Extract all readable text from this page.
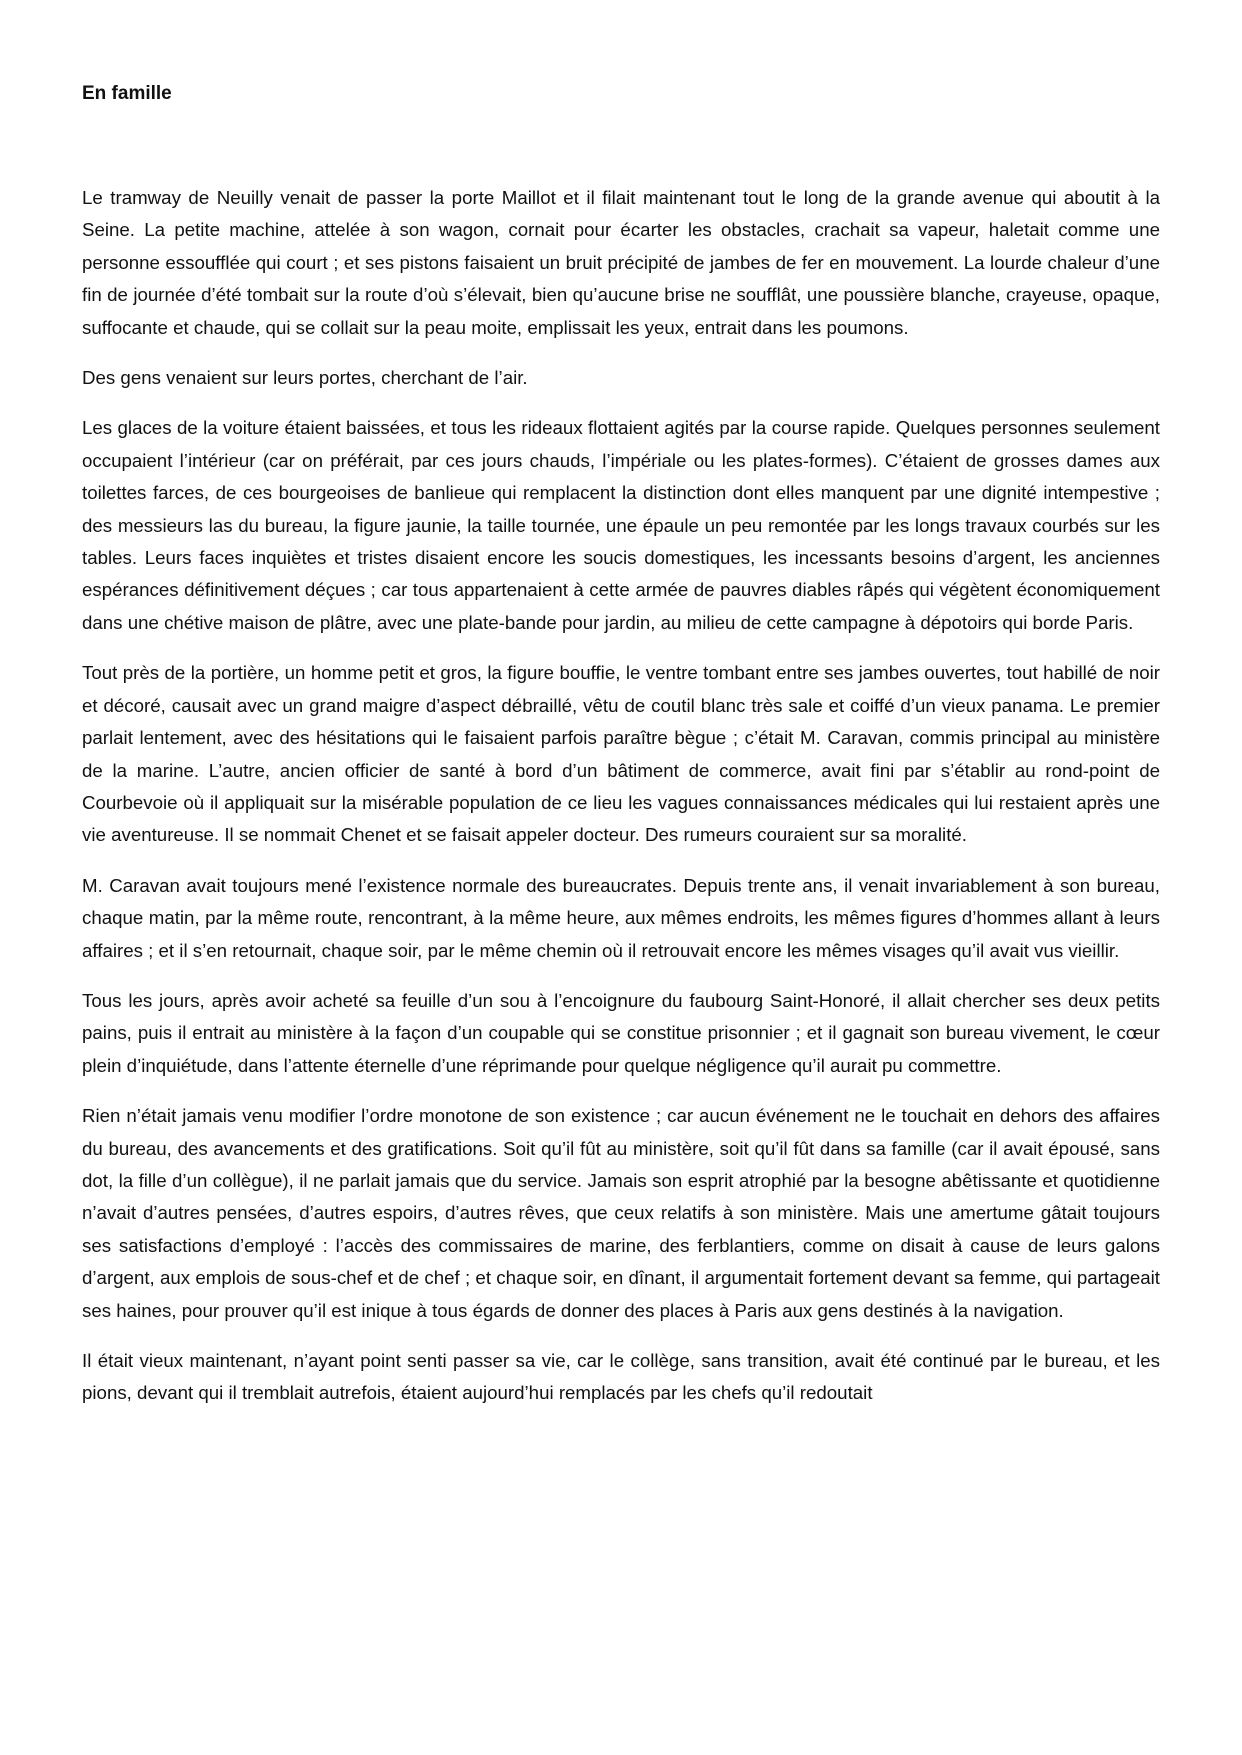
En famille

Le tramway de Neuilly venait de passer la porte Maillot et il filait maintenant tout le long de la grande avenue qui aboutit à la Seine. La petite machine, attelée à son wagon, cornait pour écarter les obstacles, crachait sa vapeur, haletait comme une personne essoufflée qui court ; et ses pistons faisaient un bruit précipité de jambes de fer en mouvement. La lourde chaleur d’une fin de journée d’été tombait sur la route d’où s’élevait, bien qu’aucune brise ne soufflât, une poussière blanche, crayeuse, opaque, suffocante et chaude, qui se collait sur la peau moite, emplissait les yeux, entrait dans les poumons.

Des gens venaient sur leurs portes, cherchant de l’air.

Les glaces de la voiture étaient baissées, et tous les rideaux flottaient agités par la course rapide. Quelques personnes seulement occupaient l’intérieur (car on préférait, par ces jours chauds, l’impériale ou les plates-formes). C’étaient de grosses dames aux toilettes farces, de ces bourgeoises de banlieue qui remplacent la distinction dont elles manquent par une dignité intempestive ; des messieurs las du bureau, la figure jaunie, la taille tournée, une épaule un peu remontée par les longs travaux courbés sur les tables. Leurs faces inquiètes et tristes disaient encore les soucis domestiques, les incessants besoins d’argent, les anciennes espérances définitivement déçues ; car tous appartenaient à cette armée de pauvres diables râpés qui végètent économiquement dans une chétive maison de plâtre, avec une plate-bande pour jardin, au milieu de cette campagne à dépotoirs qui borde Paris.

Tout près de la portière, un homme petit et gros, la figure bouffie, le ventre tombant entre ses jambes ouvertes, tout habillé de noir et décoré, causait avec un grand maigre d’aspect débraillé, vêtu de coutil blanc très sale et coiffé d’un vieux panama. Le premier parlait lentement, avec des hésitations qui le faisaient parfois paraître bègue ; c’était M. Caravan, commis principal au ministère de la marine. L’autre, ancien officier de santé à bord d’un bâtiment de commerce, avait fini par s’établir au rond-point de Courbevoie où il appliquait sur la misérable population de ce lieu les vagues connaissances médicales qui lui restaient après une vie aventureuse. Il se nommait Chenet et se faisait appeler docteur. Des rumeurs couraient sur sa moralité.

M. Caravan avait toujours mené l’existence normale des bureaucrates. Depuis trente ans, il venait invariablement à son bureau, chaque matin, par la même route, rencontrant, à la même heure, aux mêmes endroits, les mêmes figures d’hommes allant à leurs affaires ; et il s’en retournait, chaque soir, par le même chemin où il retrouvait encore les mêmes visages qu’il avait vus vieillir.

Tous les jours, après avoir acheté sa feuille d’un sou à l’encoignure du faubourg Saint-Honoré, il allait chercher ses deux petits pains, puis il entrait au ministère à la façon d’un coupable qui se constitue prisonnier ; et il gagnait son bureau vivement, le cœur plein d’inquiétude, dans l’attente éternelle d’une réprimande pour quelque négligence qu’il aurait pu commettre.

Rien n’était jamais venu modifier l’ordre monotone de son existence ; car aucun événement ne le touchait en dehors des affaires du bureau, des avancements et des gratifications. Soit qu’il fût au ministère, soit qu’il fût dans sa famille (car il avait épousé, sans dot, la fille d’un collègue), il ne parlait jamais que du service. Jamais son esprit atrophié par la besogne abêtissante et quotidienne n’avait d’autres pensées, d’autres espoirs, d’autres rêves, que ceux relatifs à son ministère. Mais une amertume gâtait toujours ses satisfactions d’employé : l’accès des commissaires de marine, des ferblantiers, comme on disait à cause de leurs galons d’argent, aux emplois de sous-chef et de chef ; et chaque soir, en dînant, il argumentait fortement devant sa femme, qui partageait ses haines, pour prouver qu’il est inique à tous égards de donner des places à Paris aux gens destinés à la navigation.

Il était vieux maintenant, n’ayant point senti passer sa vie, car le collège, sans transition, avait été continué par le bureau, et les pions, devant qui il tremblait autrefois, étaient aujourd’hui remplacés par les chefs qu’il redoutait
